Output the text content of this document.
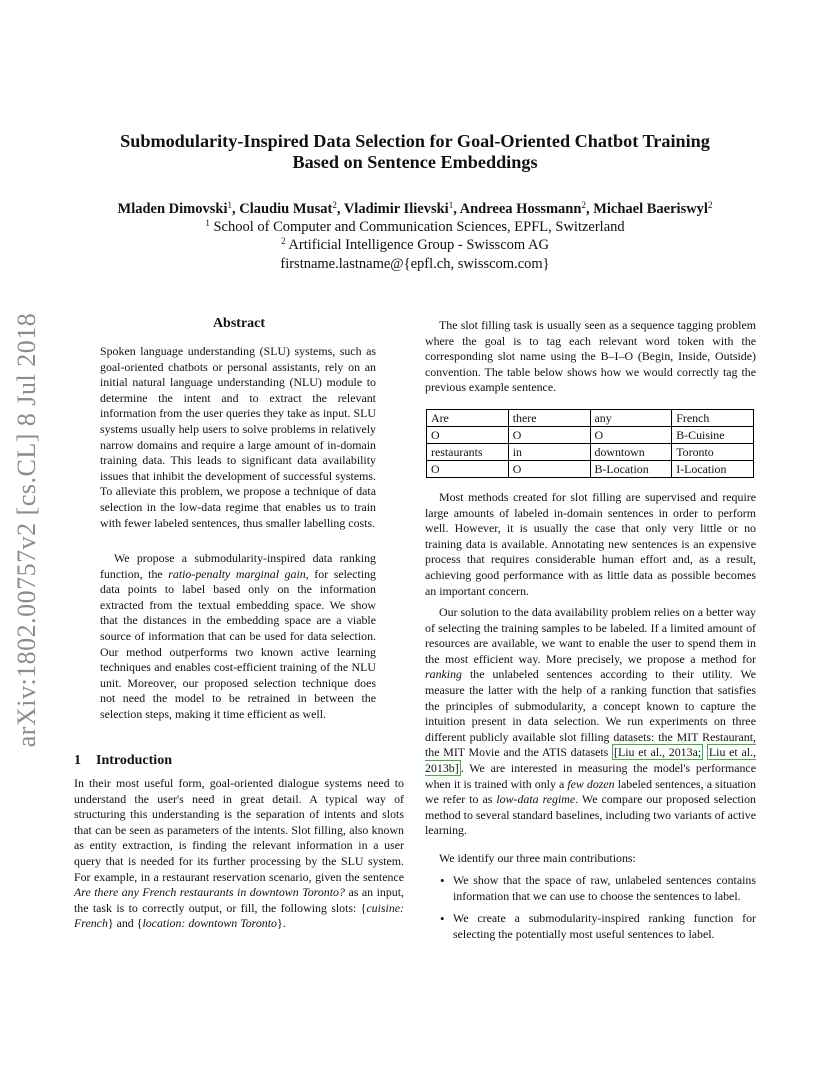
arXiv:1802.00757v2 [cs.CL] 8 Jul 2018
Submodularity-Inspired Data Selection for Goal-Oriented Chatbot Training
Based on Sentence Embeddings
Mladen Dimovski$^1$, Claudiu Musat$^2$, Vladimir Ilievski$^1$, Andreea Hossmann$^2$, Michael Baeriswyl$^2$
$^1$ School of Computer and Communication Sciences, EPFL, Switzerland
$^2$ Artificial Intelligence Group - Swisscom AG
firstname.lastname@{epfl.ch, swisscom.com}
Abstract

Spoken language understanding (SLU) systems, such as goal-oriented chatbots or personal assistants, rely on an initial natural language understanding (NLU) module to determine the intent and to extract the relevant information from the user queries they take as input. SLU systems usually help users to solve problems in relatively narrow domains and require a large amount of in-domain training data. This leads to significant data availability issues that inhibit the development of successful systems. To alleviate this problem, we propose a technique of data selection in the low-data regime that enables us to train with fewer labeled sentences, thus smaller labelling costs.

We propose a submodularity-inspired data ranking function, the ratio-penalty marginal gain, for selecting data points to label based only on the information extracted from the textual embedding space. We show that the distances in the embedding space are a viable source of information that can be used for data selection. Our method outperforms two known active learning techniques and enables cost-efficient training of the NLU unit. Moreover, our proposed selection technique does not need the model to be retrained in between the selection steps, making it time efficient as well.

1 Introduction

In their most useful form, goal-oriented dialogue systems need to understand the user's need in great detail. A typical way of structuring this understanding is the separation of intents and slots that can be seen as parameters of the intents. Slot filling, also known as entity extraction, is finding the relevant information in a user query that is needed for its further processing by the SLU system. For example, in a restaurant reservation scenario, given the sentence Are there any French restaurants in downtown Toronto? as an input, the task is to correctly output, or fill, the following slots: {cuisine: French} and {location: downtown Toronto}.

The slot filling task is usually seen as a sequence tagging problem where the goal is to tag each relevant word token with the corresponding slot name using the B–I–O (Begin, Inside, Outside) convention. The table below shows how we would correctly tag the previous example sentence.

Are	there	any	French
O	O	O	B-Cuisine
restaurants	in	downtown	Toronto
O	O	B-Location	I-Location

Most methods created for slot filling are supervised and require large amounts of labeled in-domain sentences in order to perform well. However, it is usually the case that only very little or no training data is available. Annotating new sentences is an expensive process that requires considerable human effort and, as a result, achieving good performance with as little data as possible becomes an important concern.

Our solution to the data availability problem relies on a better way of selecting the training samples to be labeled. If a limited amount of resources are available, we want to enable the user to spend them in the most efficient way. More precisely, we propose a method for ranking the unlabeled sentences according to their utility. We measure the latter with the help of a ranking function that satisfies the principles of submodularity, a concept known to capture the intuition present in data selection. We run experiments on three different publicly available slot filling datasets: the MIT Restaurant, the MIT Movie and the ATIS datasets [Liu et al., 2013a; Liu et al., 2013b] . We are interested in measuring the model's performance when it is trained with only a few dozen labeled sentences, a situation we refer to as low-data regime. We compare our proposed selection method to several standard baselines, including two variants of active learning.

We identify our three main contributions:

• We show that the space of raw, unlabeled sentences contains information that we can use to choose the sentences to label.
• We create a submodularity-inspired ranking function for selecting the potentially most useful sentences to label.
